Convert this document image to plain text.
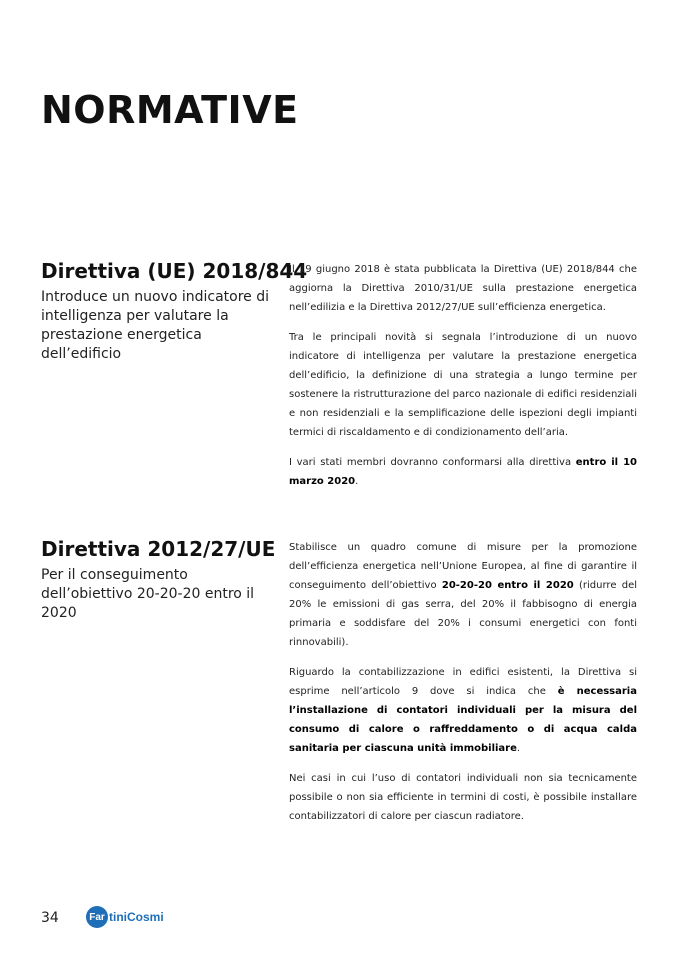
NORMATIVE
Direttiva (UE) 2018/844
Introduce un nuovo indicatore di intelligenza per valutare la prestazione energetica dell’edificio

Il 19 giugno 2018 è stata pubblicata la Direttiva (UE) 2018/844 che aggiorna la Direttiva 2010/31/UE sulla prestazione energetica nell’edilizia e la Direttiva 2012/27/UE sull’efficienza energetica.

Tra le principali novità si segnala l’introduzione di un nuovo indicatore di intelligenza per valutare la prestazione energetica dell’edificio, la definizione di una strategia a lungo termine per sostenere la ristrutturazione del parco nazionale di edifici residenziali e non residenziali e la semplificazione delle ispezioni degli impianti termici di riscaldamento e di condizionamento dell’aria.

I vari stati membri dovranno conformarsi alla direttiva entro il 10 marzo 2020.

Direttiva 2012/27/UE
Per il conseguimento dell’obiettivo 20-20-20 entro il 2020

Stabilisce un quadro comune di misure per la promozione dell’efficienza energetica nell’Unione Europea, al fine di garantire il conseguimento dell’obiettivo 20-20-20 entro il 2020 (ridurre del 20% le emissioni di gas serra, del 20% il fabbisogno di energia primaria e soddisfare del 20% i consumi energetici con fonti rinnovabili).

Riguardo la contabilizzazione in edifici esistenti, la Direttiva si esprime nell’articolo 9 dove si indica che è necessaria l’installazione di contatori individuali per la misura del consumo di calore o raffreddamento o di acqua calda sanitaria per ciascuna unità immobiliare.

Nei casi in cui l’uso di contatori individuali non sia tecnicamente possibile o non sia efficiente in termini di costi, è possibile installare contabilizzatori di calore per ciascun radiatore.

34	Far tiniCosmi
